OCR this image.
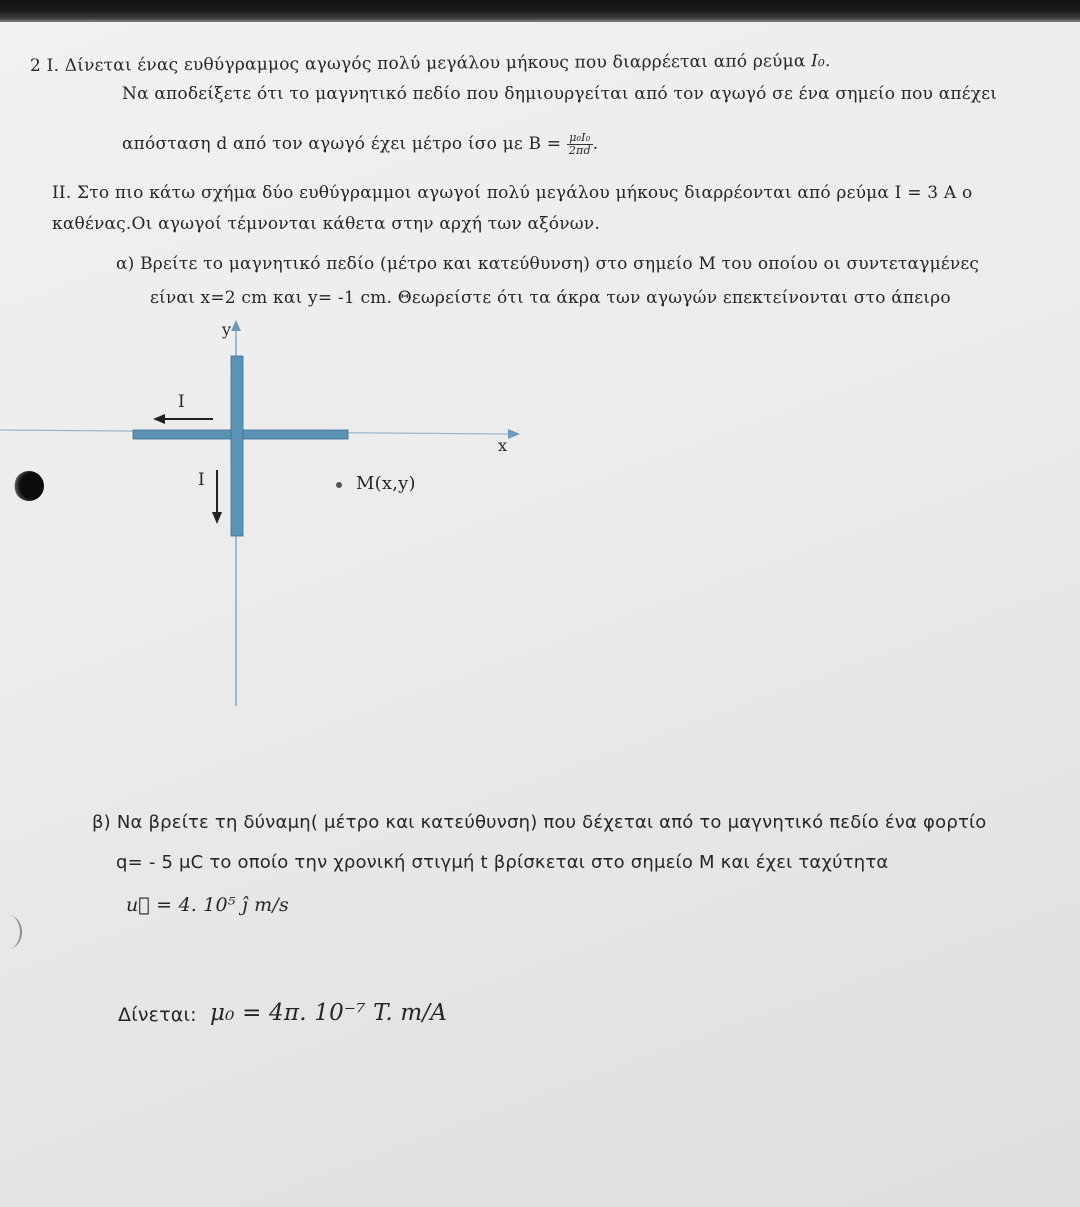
2 Ι. Δίνεται ένας ευθύγραμμος αγωγός πολύ μεγάλου μήκους που διαρρέεται από ρεύμα I₀.
Να αποδείξετε ότι το μαγνητικό πεδίο που δημιουργείται από τον αγωγό σε ένα σημείο που απέχει
απόσταση d από τον αγωγό έχει μέτρο ίσο με $B = \frac{\text{μ₀I₀}}{2\pi d}$ .
ΙΙ. Στο πιο κάτω σχήμα δύο ευθύγραμμοι αγωγοί πολύ μεγάλου μήκους διαρρέονται από ρεύμα I = 3 A ο
καθένας.Οι αγωγοί τέμνονται κάθετα στην αρχή των αξόνων.
α) Βρείτε το μαγνητικό πεδίο (μέτρο και κατεύθυνση) στο σημείο Μ του οποίου οι συντεταγμένες
είναι x=2 cm και y= -1 cm. Θεωρείστε ότι τα άκρα των αγωγών επεκτείνονται στο άπειρο
y
x
I
I	M(x,y)
β) Να βρείτε τη δύναμη( μέτρο και κατεύθυνση) που δέχεται από το μαγνητικό πεδίο ένα φορτίο
q= - 5 μC το οποίο την χρονική στιγμή t βρίσκεται στο σημείο Μ και έχει ταχύτητα
u⃗ = 4. 10⁵ ĵ m/s
Δίνεται: μ₀ = 4π. 10⁻⁷ T. m/A
